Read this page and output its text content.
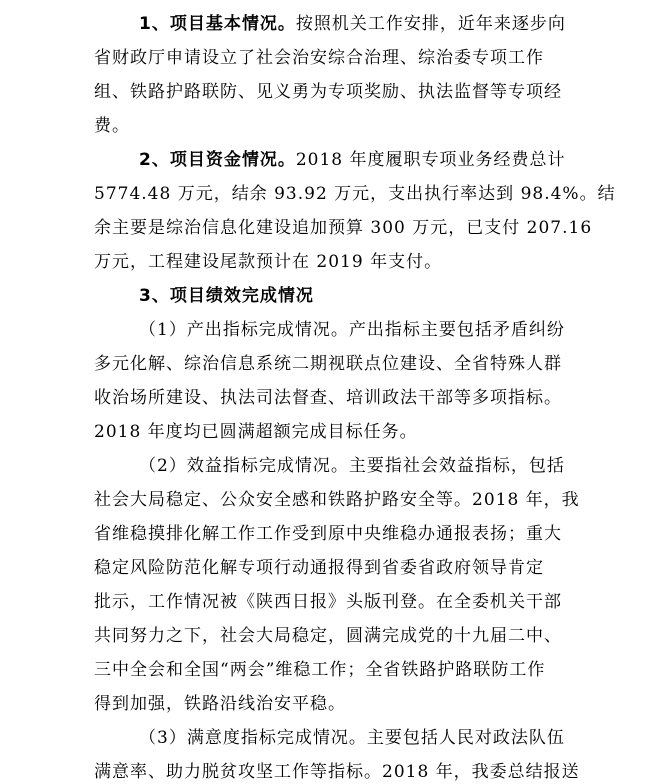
1、项目基本情况。按照机关工作安排，近年来逐步向
省财政厅申请设立了社会治安综合治理、综治委专项工作
组、铁路护路联防、见义勇为专项奖励、执法监督等专项经
费。
2、项目资金情况。2018 年度履职专项业务经费总计
5774.48 万元，结余 93.92 万元，支出执行率达到 98.4%。结
余主要是综治信息化建设追加预算 300 万元，已支付 207.16
万元，工程建设尾款预计在 2019 年支付。
3、项目绩效完成情况
（1）产出指标完成情况。产出指标主要包括矛盾纠纷
多元化解、综治信息系统二期视联点位建设、全省特殊人群
收治场所建设、执法司法督查、培训政法干部等多项指标。
2018 年度均已圆满超额完成目标任务。
（2）效益指标完成情况。主要指社会效益指标，包括
社会大局稳定、公众安全感和铁路护路安全等。2018 年，我
省维稳摸排化解工作工作受到原中央维稳办通报表扬；重大
稳定风险防范化解专项行动通报得到省委省政府领导肯定
批示，工作情况被《陕西日报》头版刊登。在全委机关干部
共同努力之下，社会大局稳定，圆满完成党的十九届二中、
三中全会和全国“两会”维稳工作；全省铁路护路联防工作
得到加强，铁路沿线治安平稳。
（3）满意度指标完成情况。主要包括人民对政法队伍
满意率、助力脱贫攻坚工作等指标。2018 年，我委总结报送
